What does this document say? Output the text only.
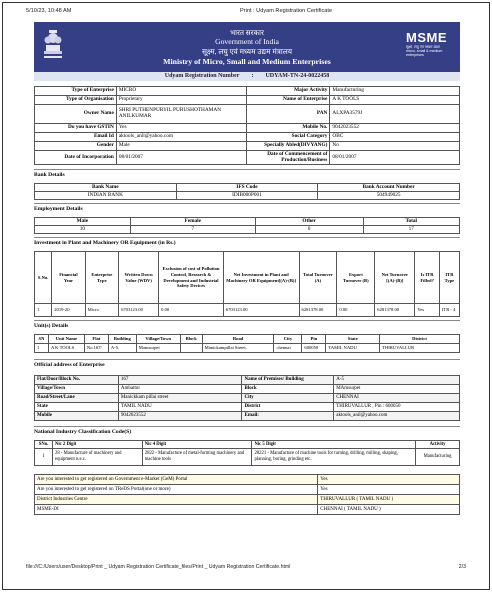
5/10/23, 10:48 AM	Print : Udyam Registration Certificate
भारत सरकार
Government of India
सूक्ष्म, लघु एवं मध्यम उद्यम मंत्रालय
Ministry of Micro, Small and Medium Enterprises
MSME
सूक्ष्म, लघु एवं मध्यम उद्यम
micro, small & medium enterprises
Udyam Registration Number : UDYAM-TN-24-0022458
Type of Enterprise	MICRO	Major Activity	Manufacturing
Type of Organisation	Proprietary	Name of Enterprise	A K TOOLS
Owner Name	SHRI PUTHENPURYIL PURUSHOTHAMAN ANILKUMAR	PAN	ALXPA3579J
Do you have GSTIN	Yes	Mobile No.	9042023552
Email Id	aktools_anil@yahoo.com	Social Category	OBC
Gender	Male	Specially Abled(DIVYANG)	No
Date of Incorporation	08/01/2007	Date of Commencement of Production/Business	08/01/2007
Bank Details
Bank Name	IFS Code	Bank Account Number
INDIAN BANK	IDIB000P001	504949025
Employment Details
Male	Female	Other	Total
10	7	0	17
Investment in Plant and Machinery OR Equipment (in Rs.)
S.No.	Financial Year	Enterprise Type	Written Down Value (WDV)	Exclusion of cost of Pollution Control, Research & Development and Industrial Safety Devices	Net Investment in Plant and Machinery OR Equipment[(A)-(B)]	Total Turnover (A)	Export Turnover (B)	Net Turnover [(A)-(B)]	Is ITR Filled?	ITR Type
1	2019-20	Micro	6703123.00	0.00	6703123.00	6281378.00	0.00	6281378.00	Yes	ITR - 4
Unit(s) Details
SN	Unit Name	Flat	Building	Village/Town	Block	Road	City	Pin	State	District
1	A K TOOLS	No.167/	A-5,	Mamsurpet		Manickampillai Street,	chennai	600050	TAMIL NADU	THIRUVALLUR
Official address of Enterprise
Flat/Door/Block No.	167	Name of Premises/ Building	A-5
Village/Town	Ambattur	Block	MAmsurpet
Road/Street/Lane	Manickkam pillai street	City	CHENNAI
State	TAMIL NADU	District	THIRUVALLUR , Pin : 600050
Mobile	9042023552	Email:	aktools_anil@yahoo.com
National Industry Classification Code(S)
SNo.	Nic 2 Digit	Nic 4 Digit	Nic 5 Digit	Activity
1	28 - Manufacture of machinery and equipment n.e.c.	2822 - Manufacture of metal-forming machinery and machine tools	28221 - Manufacture of machine tools for turning, drilling, milling, shaping, planning, boring, grinding etc.	Manufacturing
Are you interested to get registered on Government e-Market (GeM) Portal	Yes
Are you interested to get registered on TReDS Portal(one or more)	Yes
District Industries Centre	THIRUVALLUR ( TAMIL NADU )
MSME-DI	CHENNAI ( TAMIL NADU )
file:///C:/Users/user/Desktop/Print _ Udyam Registration Certificate_files/Print _ Udyam Registration Certificate.html	2/3
